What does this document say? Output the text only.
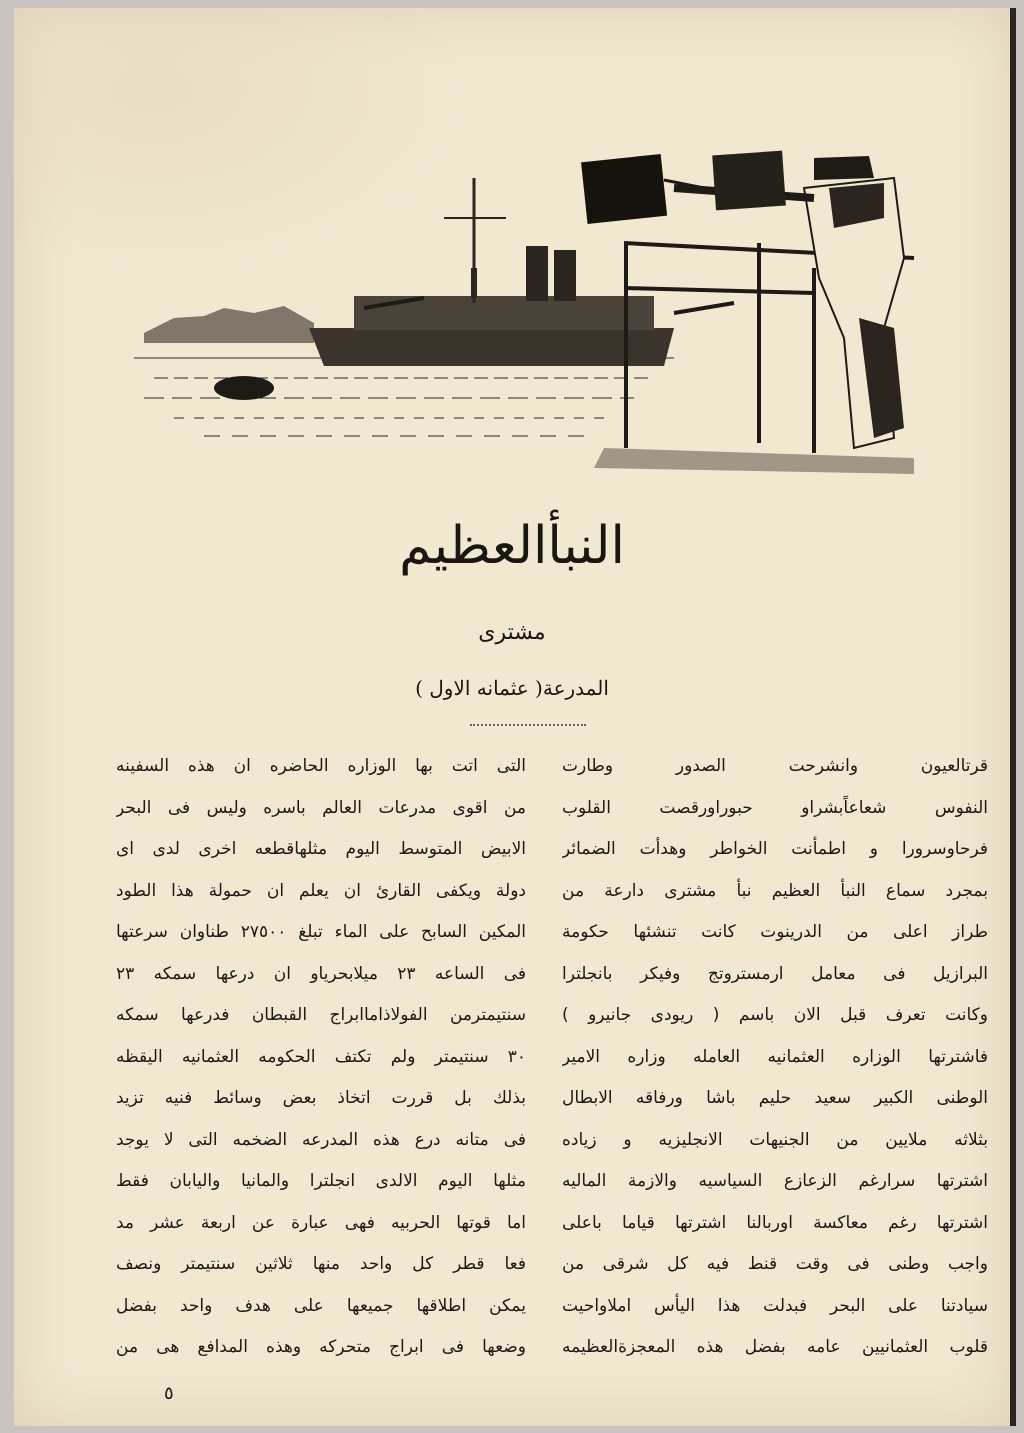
النبأالعظيم
مشترى
المدرعة( عثمانه الاول )
قرتالعيون وانشرحت الصدور وطارت
النفوس شعاعاًبشراو حبوراورقصت القلوب
فرحاوسرورا و اطمأنت الخواطر وهدأت الضمائر
بمجرد سماع النبأ العظيم نبأ مشترى دارعة من
طراز اعلى من الدرينوت كانت تنشئها حكومة
البرازيل فى معامل ارمستروتج وفيكر بانجلترا
وكانت تعرف قبل الان باسم ( ريودى جانيرو )
فاشترتها الوزاره العثمانيه العامله وزاره الامير
الوطنى الكبير سعيد حليم باشا ورفاقه الابطال
بثلاثه ملايين من الجنيهات الانجليزيه و زياده
اشترتها سرارغم الزعازع السياسيه والازمة الماليه
اشترتها رغم معاكسة اوربالنا اشترتها قياما باعلى
واجب وطنى فى وقت قنط فيه كل شرقى من
سيادتنا على البحر فبدلت هذا اليأس املاواحيت
قلوب العثمانيين عامه بفضل هذه المعجزةالعظيمه
التى اتت بها الوزاره الحاضره ان هذه السفينه
من اقوى مدرعات العالم باسره وليس فى البحر
الابيض المتوسط اليوم مثلهاقطعه اخرى لدى اى
دولة ويكفى القارئ ان يعلم ان حمولة هذا الطود
المكين السابح على الماء تبلغ ٢٧٥٠٠ طناوان سرعتها
فى الساعه ٢٣ ميلابحرياو ان درعها سمكه ٢٣
سنتيمترمن الفولاذاماابراج القبطان فدرعها سمكه
٣٠ سنتيمتر ولم تكتف الحكومه العثمانيه اليقظه
بذلك بل قررت اتخاذ بعض وسائط فنيه تزيد
فى متانه درع هذه المدرعه الضخمه التى لا يوجد
مثلها اليوم الالدى انجلترا والمانيا واليابان فقط
اما قوتها الحربيه فهى عبارة عن اربعة عشر مد
فعا قطر كل واحد منها ثلاثين سنتيمتر ونصف
يمكن اطلاقها جميعها على هدف واحد بفضل
وضعها فى ابراج متحركه وهذه المدافع هى من
٥
